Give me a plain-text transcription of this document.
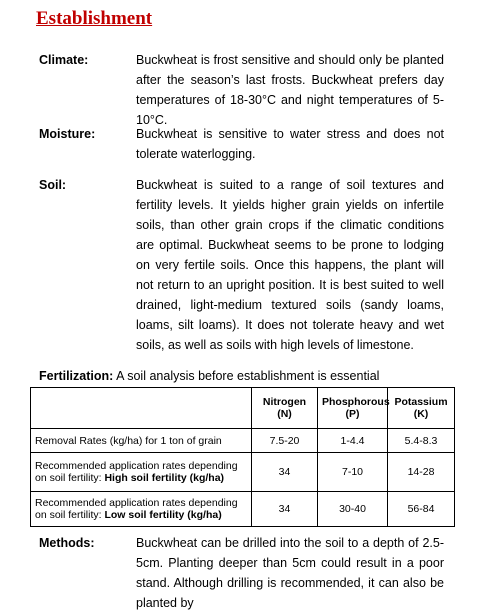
Establishment
Climate:	Buckwheat is frost sensitive and should only be planted after the season’s last frosts. Buckwheat prefers day temperatures of 18-30°C and night temperatures of 5-10°C.

Moisture:	Buckwheat is sensitive to water stress and does not tolerate waterlogging.

Soil:	Buckwheat is suited to a range of soil textures and fertility levels. It yields higher grain yields on infertile soils, than other grain crops if the climatic conditions are optimal. Buckwheat seems to be prone to lodging on very fertile soils. Once this happens, the plant will not return to an upright position. It is best suited to well drained, light-medium textured soils (sandy loams, loams, silt loams). It does not tolerate heavy and wet soils, as well as soils with high levels of limestone.

Fertilization: A soil analysis before establishment is essential
	Nitrogen (N)	Phosphorous (P)	Potassium (K)
Removal Rates (kg/ha) for 1 ton of grain	7.5-20	1-4.4	5.4-8.3
Recommended application rates depending on soil fertility: High soil fertility (kg/ha)	34	7-10	14-28
Recommended application rates depending on soil fertility: Low soil fertility (kg/ha)	34	30-40	56-84
Methods:	Buckwheat can be drilled into the soil to a depth of 2.5-5cm. Planting deeper than 5cm could result in a poor stand. Although drilling is recommended, it can also be planted by
